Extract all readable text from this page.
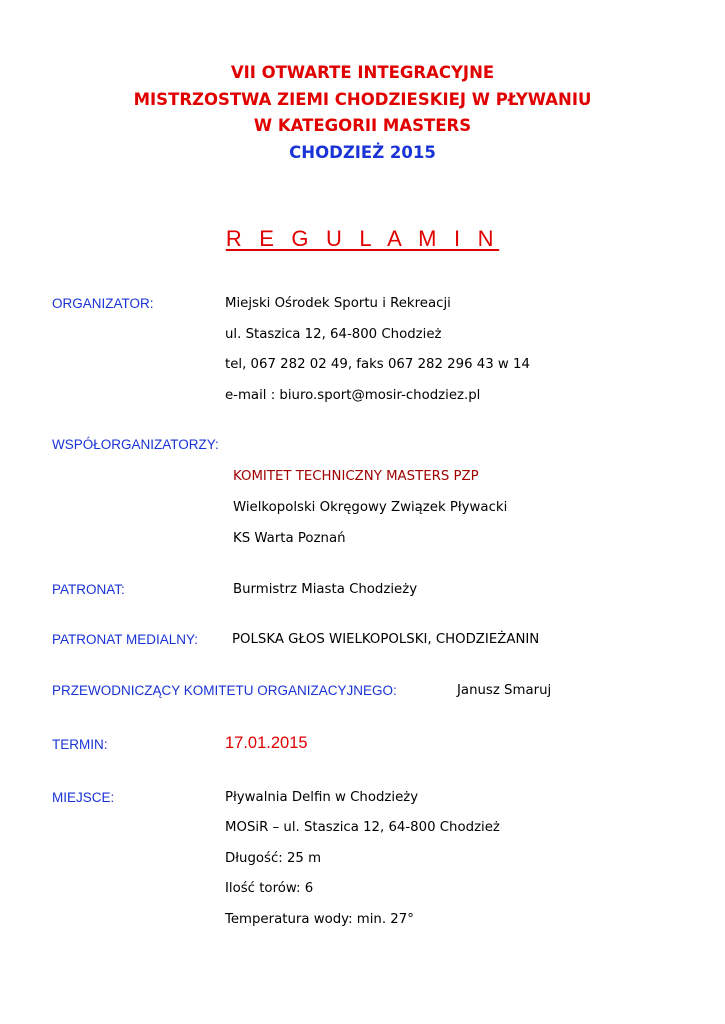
VII OTWARTE INTEGRACYJNE
MISTRZOSTWA ZIEMI CHODZIESKIEJ W PŁYWANIU
W KATEGORII MASTERS
CHODZIEŻ 2015
R E G U L A M I N
ORGANIZATOR:	Miejski Ośrodek Sportu i Rekreacji
ul. Staszica 12, 64-800 Chodzież
tel, 067 282 02 49, faks 067 282 296 43 w 14
e-mail : biuro.sport@mosir-chodziez.pl
WSPÓŁORGANIZATORZY:
KOMITET TECHNICZNY MASTERS PZP
Wielkopolski Okręgowy Związek Pływacki
KS Warta Poznań
PATRONAT:	Burmistrz Miasta Chodzieży
PATRONAT MEDIALNY:	POLSKA GŁOS WIELKOPOLSKI, CHODZIEŻANIN
PRZEWODNICZĄCY KOMITETU ORGANIZACYJNEGO:	Janusz Smaruj
TERMIN:	17.01.2015
MIEJSCE:	Pływalnia Delfin w Chodzieży
MOSiR – ul. Staszica 12, 64-800 Chodzież
Długość: 25 m
Ilość torów: 6
Temperatura wody: min. 27°
